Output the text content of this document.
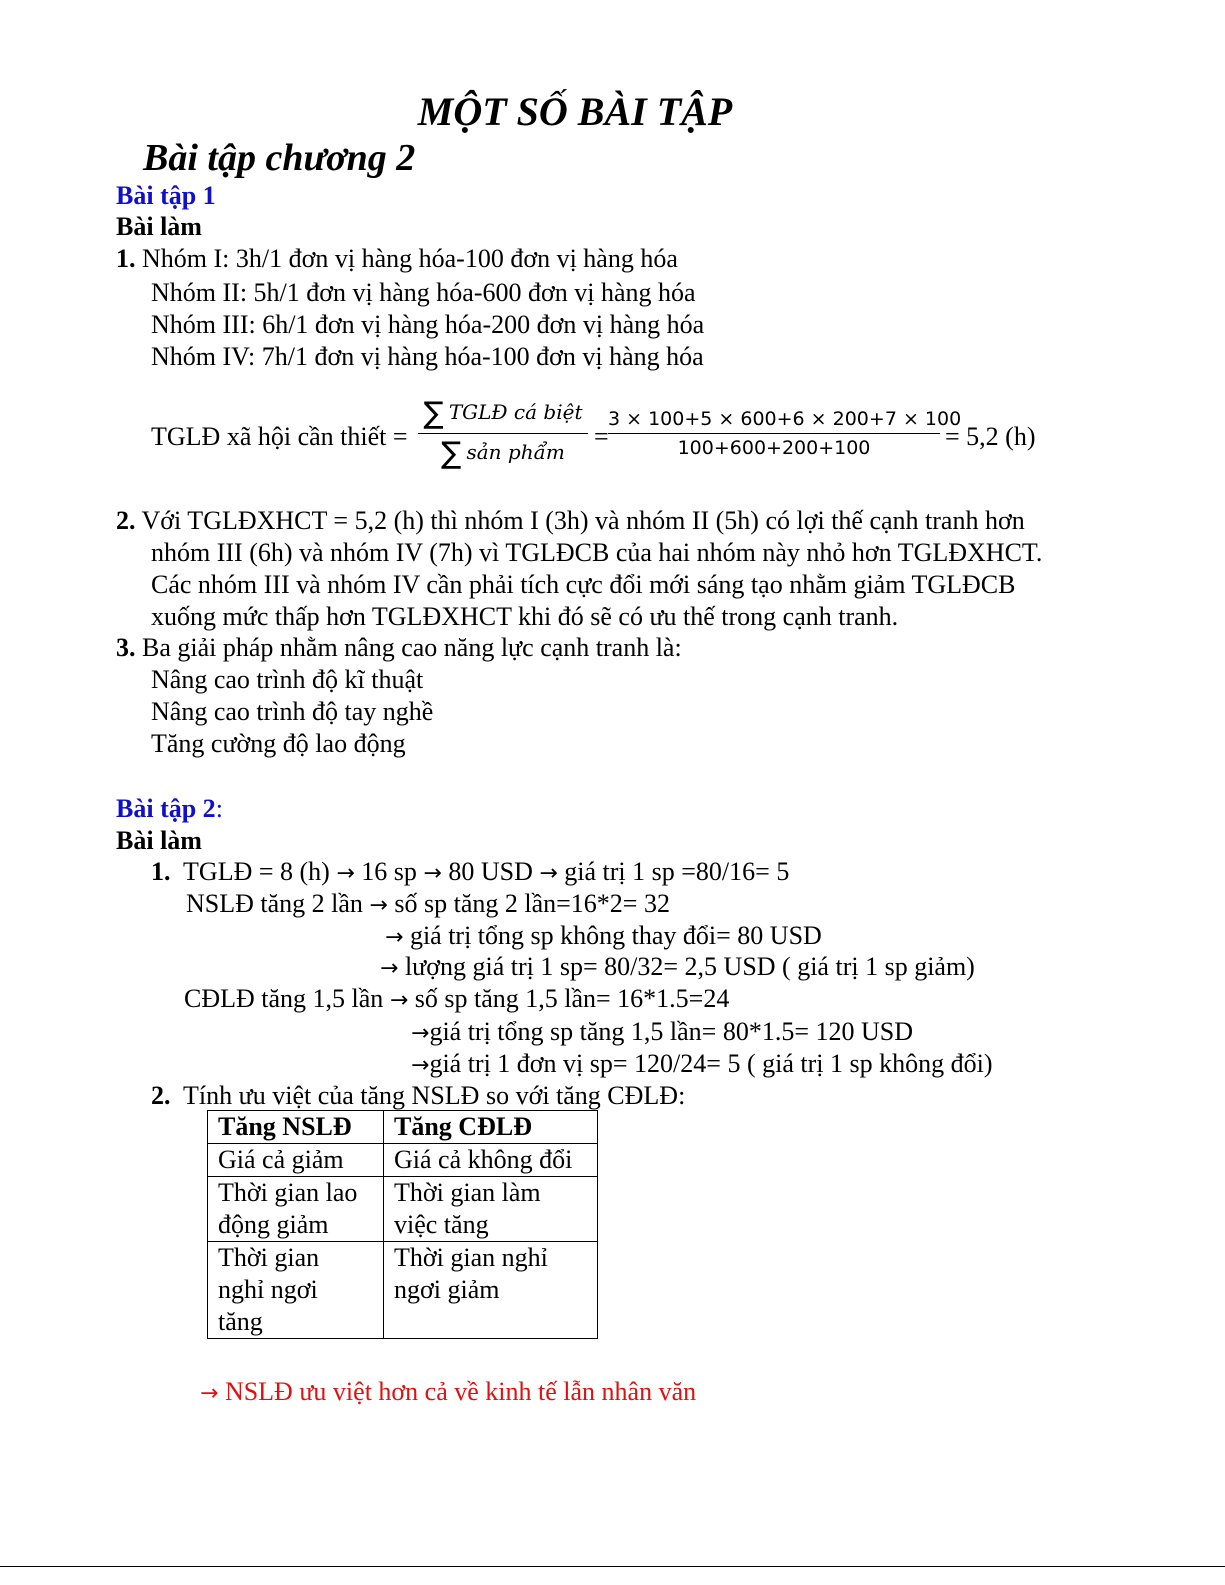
MỘT SỐ BÀI TẬP
Bài tập chương 2
Bài tập 1
Bài làm
1. Nhóm I: 3h/1 đơn vị hàng hóa-100 đơn vị hàng hóa
Nhóm II: 5h/1 đơn vị hàng hóa-600 đơn vị hàng hóa
Nhóm III: 6h/1 đơn vị hàng hóa-200 đơn vị hàng hóa
Nhóm IV: 7h/1 đơn vị hàng hóa-100 đơn vị hàng hóa
TGLĐ xã hội cần thiết =
∑ TGLĐ cá biệt
∑ sản phẩm
=
3 × 100+5 × 600+6 × 200+7 × 100
100+600+200+100	= 5,2 (h)
2. Với TGLĐXHCT = 5,2 (h) thì nhóm I (3h) và nhóm II (5h) có lợi thế cạnh tranh hơn
nhóm III (6h) và nhóm IV (7h) vì TGLĐCB của hai nhóm này nhỏ hơn TGLĐXHCT.
Các nhóm III và nhóm IV cần phải tích cực đổi mới sáng tạo nhằm giảm TGLĐCB
xuống mức thấp hơn TGLĐXHCT khi đó sẽ có ưu thế trong cạnh tranh.
3. Ba giải pháp nhằm nâng cao năng lực cạnh tranh là:
Nâng cao trình độ kĩ thuật
Nâng cao trình độ tay nghề
Tăng cường độ lao động
Bài tập 2:
Bài làm
1. TGLĐ = 8 (h) → 16 sp → 80 USD → giá trị 1 sp =80/16= 5
NSLĐ tăng 2 lần → số sp tăng 2 lần=16*2= 32
→ giá trị tổng sp không thay đổi= 80 USD
→ lượng giá trị 1 sp= 80/32= 2,5 USD ( giá trị 1 sp giảm)
CĐLĐ tăng 1,5 lần → số sp tăng 1,5 lần= 16*1.5=24
→giá trị tổng sp tăng 1,5 lần= 80*1.5= 120 USD
→giá trị 1 đơn vị sp= 120/24= 5 ( giá trị 1 sp không đổi)
2. Tính ưu việt của tăng NSLĐ so với tăng CĐLĐ:
Tăng NSLĐ	Tăng CĐLĐ
Giá cả giảm	Giá cả không đổi
Thời gian lao động giảm	Thời gian làm việc tăng
Thời gian nghỉ ngơi tăng	Thời gian nghỉ ngơi giảm
→ NSLĐ ưu việt hơn cả về kinh tế lẫn nhân văn
